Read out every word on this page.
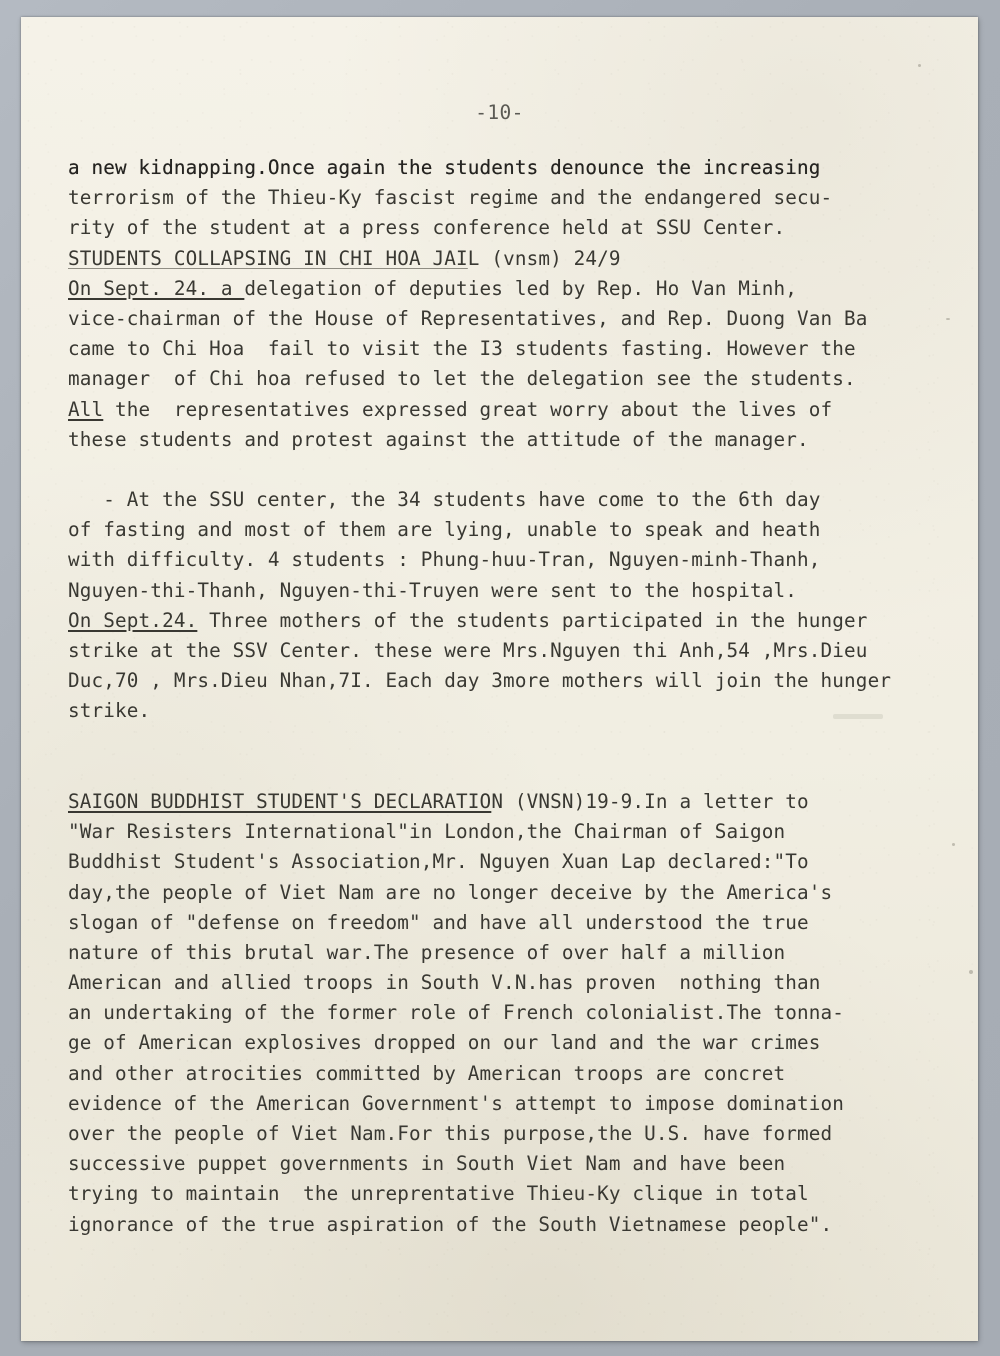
-10-
a new kidnapping.Once again the students denounce the increasing
terrorism of the Thieu-Ky fascist regime and the endangered secu-
rity of the student at a press conference held at SSU Center.
STUDENTS COLLAPSING IN CHI HOA JAIL (vnsm) 24/9
On Sept. 24. a delegation of deputies led by Rep. Ho Van Minh,
vice-chairman of the House of Representatives, and Rep. Duong Van Ba
came to Chi Hoa  fail to visit the I3 students fasting. However the
manager  of Chi hoa refused to let the delegation see the students.
All the  representatives expressed great worry about the lives of
these students and protest against the attitude of the manager.

- At the SSU center, the 34 students have come to the 6th day
of fasting and most of them are lying, unable to speak and heath
with difficulty. 4 students : Phung-huu-Tran, Nguyen-minh-Thanh,
Nguyen-thi-Thanh, Nguyen-thi-Truyen were sent to the hospital.
On Sept.24. Three mothers of the students participated in the hunger
strike at the SSV Center. these were Mrs.Nguyen thi Anh,54 ,Mrs.Dieu
Duc,70 , Mrs.Dieu Nhan,7I. Each day 3more mothers will join the hunger
strike.

SAIGON BUDDHIST STUDENT'S DECLARATION (VNSN)19-9.In a letter to
"War Resisters International"in London,the Chairman of Saigon
Buddhist Student's Association,Mr. Nguyen Xuan Lap declared:"To
day,the people of Viet Nam are no longer deceive by the America's
slogan of "defense on freedom" and have all understood the true
nature of this brutal war.The presence of over half a million
American and allied troops in South V.N.has proven  nothing than
an undertaking of the former role of French colonialist.The tonna-
ge of American explosives dropped on our land and the war crimes
and other atrocities committed by American troops are concret
evidence of the American Government's attempt to impose domination
over the people of Viet Nam.For this purpose,the U.S. have formed
successive puppet governments in South Viet Nam and have been
trying to maintain  the unreprentative Thieu-Ky clique in total
ignorance of the true aspiration of the South Vietnamese people".
